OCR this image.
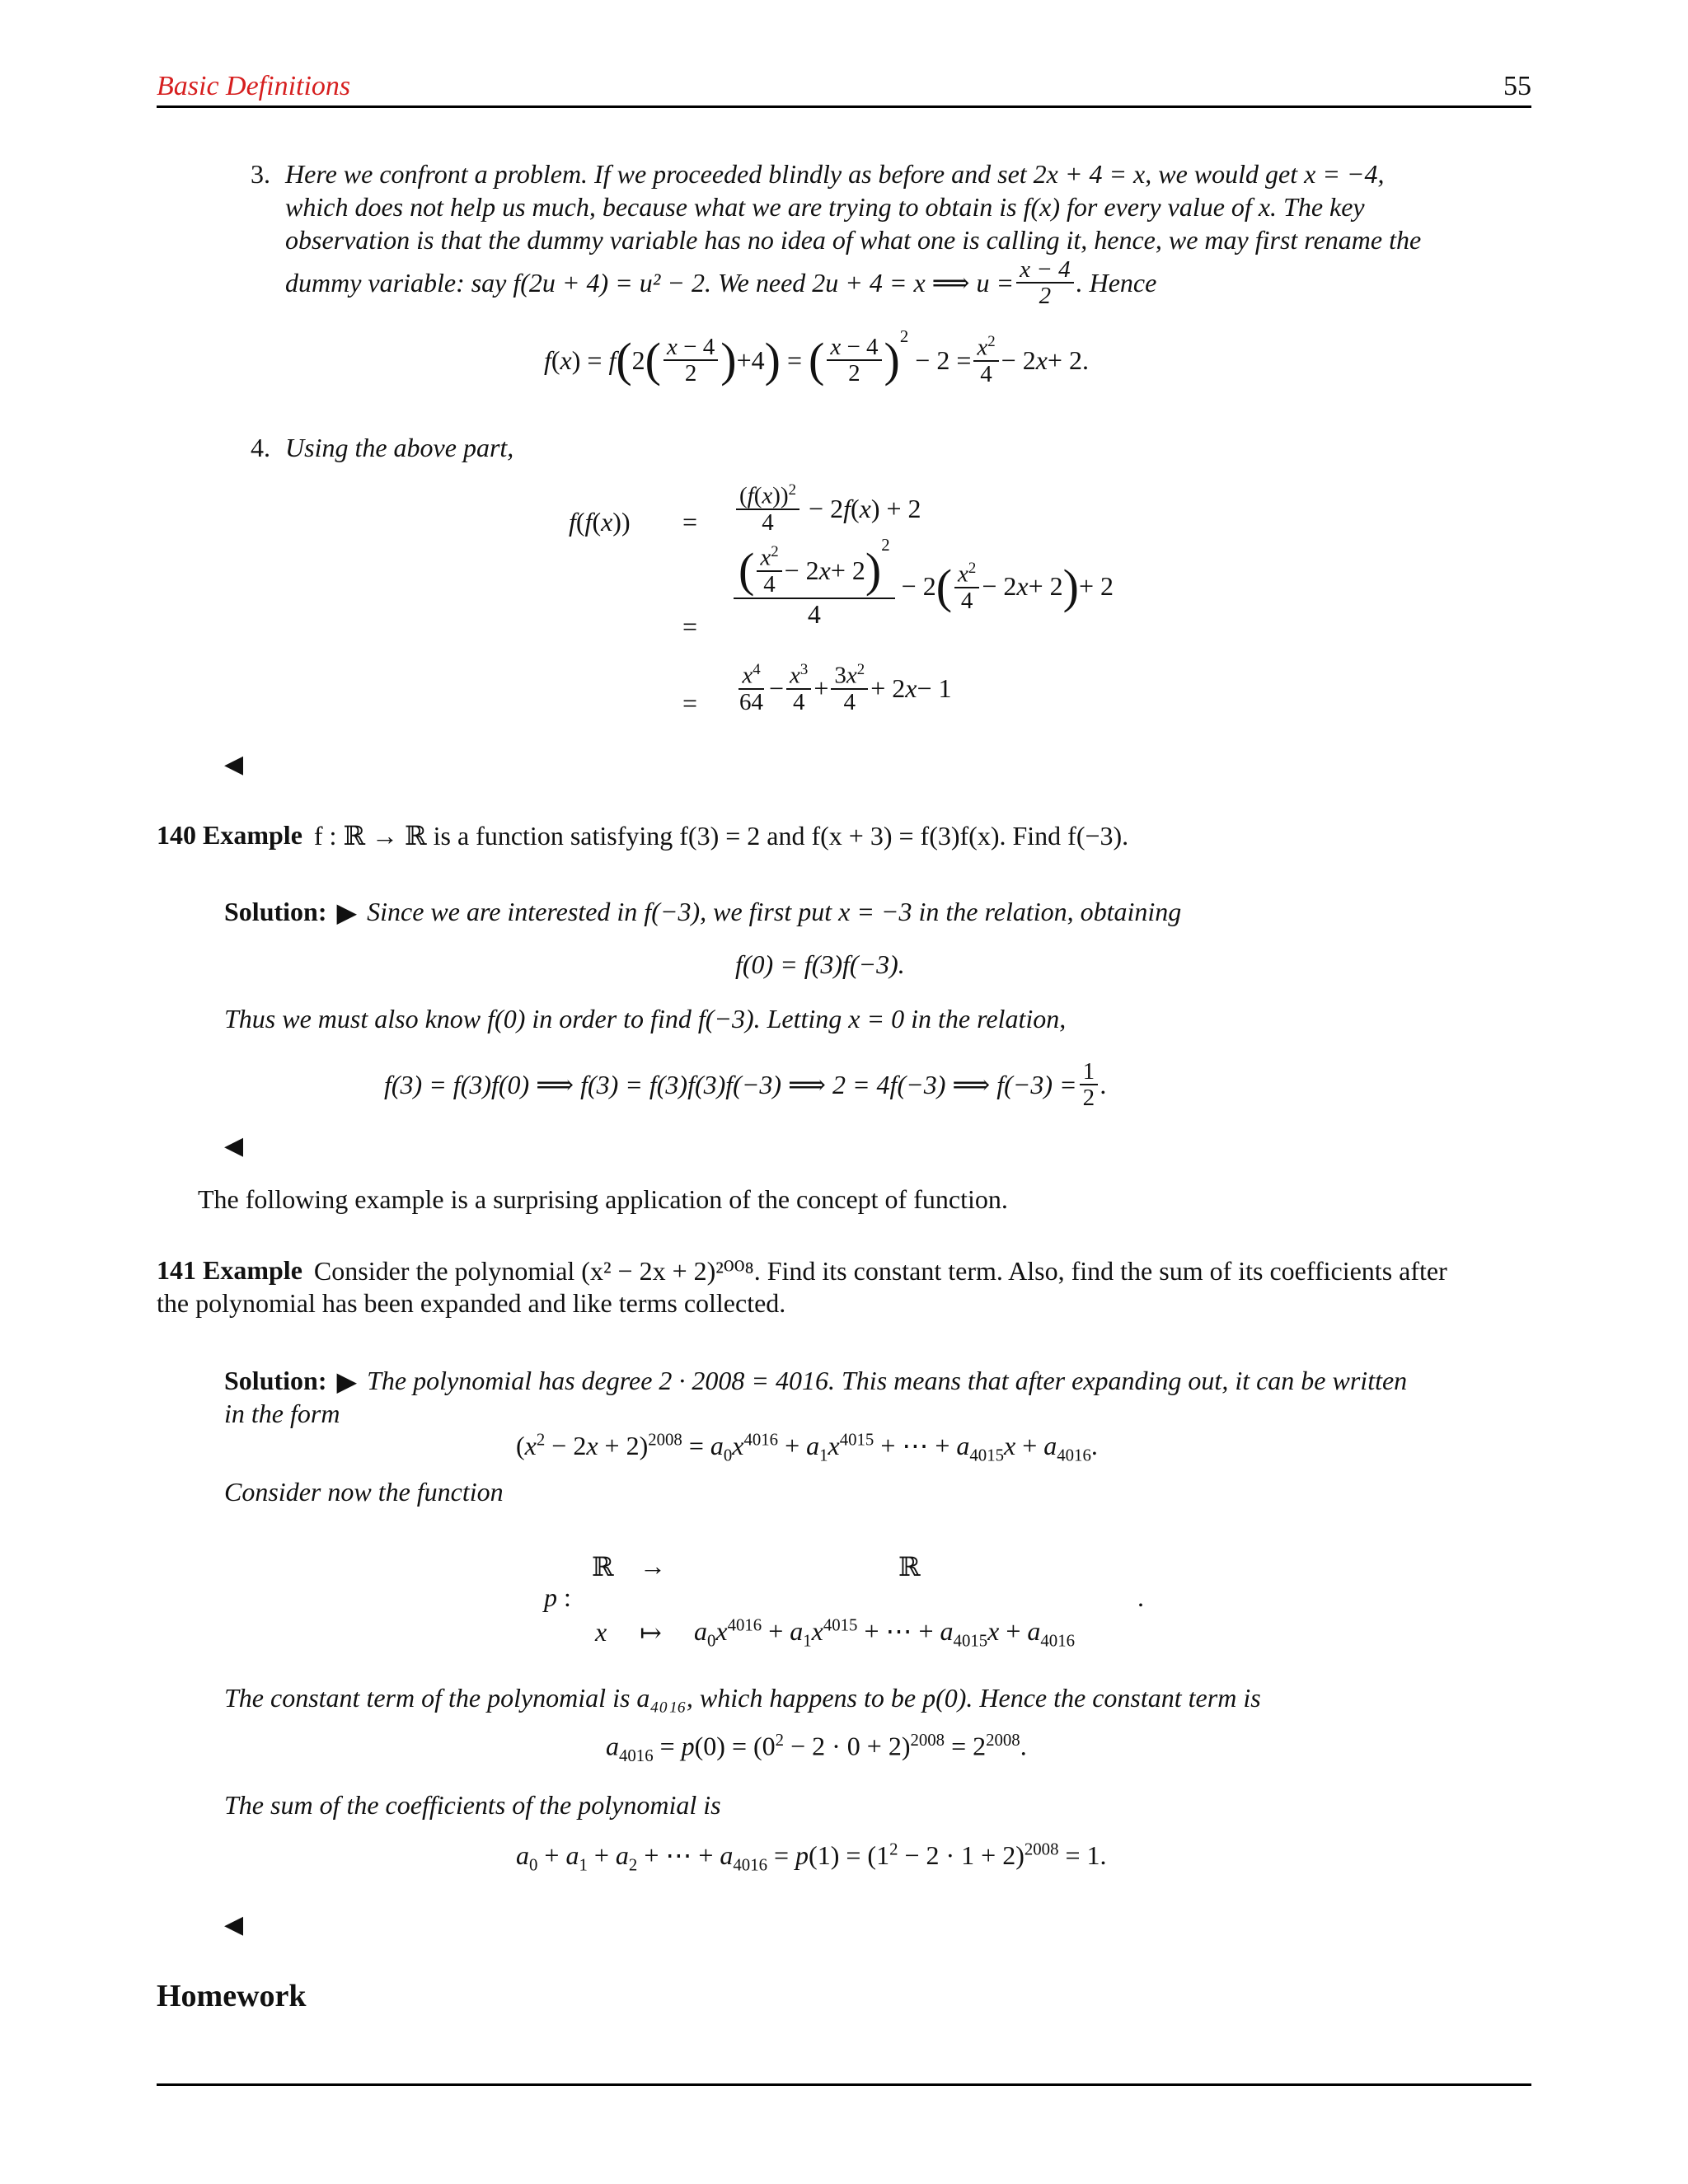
Basic Definitions	55
3. Here we confront a problem. If we proceeded blindly as before and set 2x + 4 = x, we would get x = −4,
which does not help us much, because what we are trying to obtain is f(x) for every value of x. The key
observation is that the dummy variable has no idea of what one is calling it, hence, we may first rename the
dummy variable: say f(2u + 4) = u² − 2. We need 2u + 4 = x ⟹ $u = \frac{x - 4}{2}$ . Hence
f ( x ) = f ( 2 ( $\frac{x - 4}{2}$ ) +4 ) = ( $\frac{x - 4}{2} )^2$
− $2 = \frac{x^2}{4} - 2$ x + 2.
4. Using the above part,
$f(f(x)) = \frac{(f(x))^2}{4} - 2$ f ( x ) + 2
=
( $\frac{x^2}{4} - 2$ x + 2 )$^2$
4
− 2 ( $\frac{x^2}{4} - 2$ x + 2 ) + 2
= $\frac{x^4}{64} - \frac{x^3}{4} + \frac{3x^2}{4} + 2$ x − 1
◀
140 Example f : ℝ → ℝ is a function satisfying f(3) = 2 and f(x + 3) = f(3)f(x). Find f(−3).
Solution: ▶ Since we are interested in f(−3), we first put x = −3 in the relation, obtaining
f(0) = f(3)f(−3).
Thus we must also know f(0) in order to find f(−3). Letting x = 0 in the relation,
f(3) = f(3)f(0) ⟹ f(3) = f(3)f(3)f(−3) ⟹ 2 = 4f(−3) ⟹ $f(-3) = \frac{1}{2}$ .
◀
The following example is a surprising application of the concept of function.
141 Example Consider the polynomial (x² − 2x + 2)²⁰⁰⁸. Find its constant term. Also, find the sum of its coefficients after
the polynomial has been expanded and like terms collected.
Solution: ▶ The polynomial has degree 2 · 2008 = 4016. This means that after expanding out, it can be written
in the form
$(x^2 - 2x + 2)^{2008} = a_0x^{4016} + a_1x^{4015}$ + ⋯ + $a_{4015}x + a_{4016}$.
Consider now the function
ℝ →	ℝ
p :
x ↦ $a_0x^{4016} + a_1x^{4015}$ + ⋯ + $a_{4015}x + a_{4016}$
.
The constant term of the polynomial is a₄₀₁₆, which happens to be p(0). Hence the constant term is
$a_{4016} = p(0) = (0^2 - 2 \cdot 0 + 2)^{2008} = 2^{2008}$.
The sum of the coefficients of the polynomial is
$a_0 + a_1 + a_2$ + ⋯ + $a_{4016} = p(1) = (1^2 - 2 \cdot 1 + 2)^{2008} = 1$.
◀
Homework
